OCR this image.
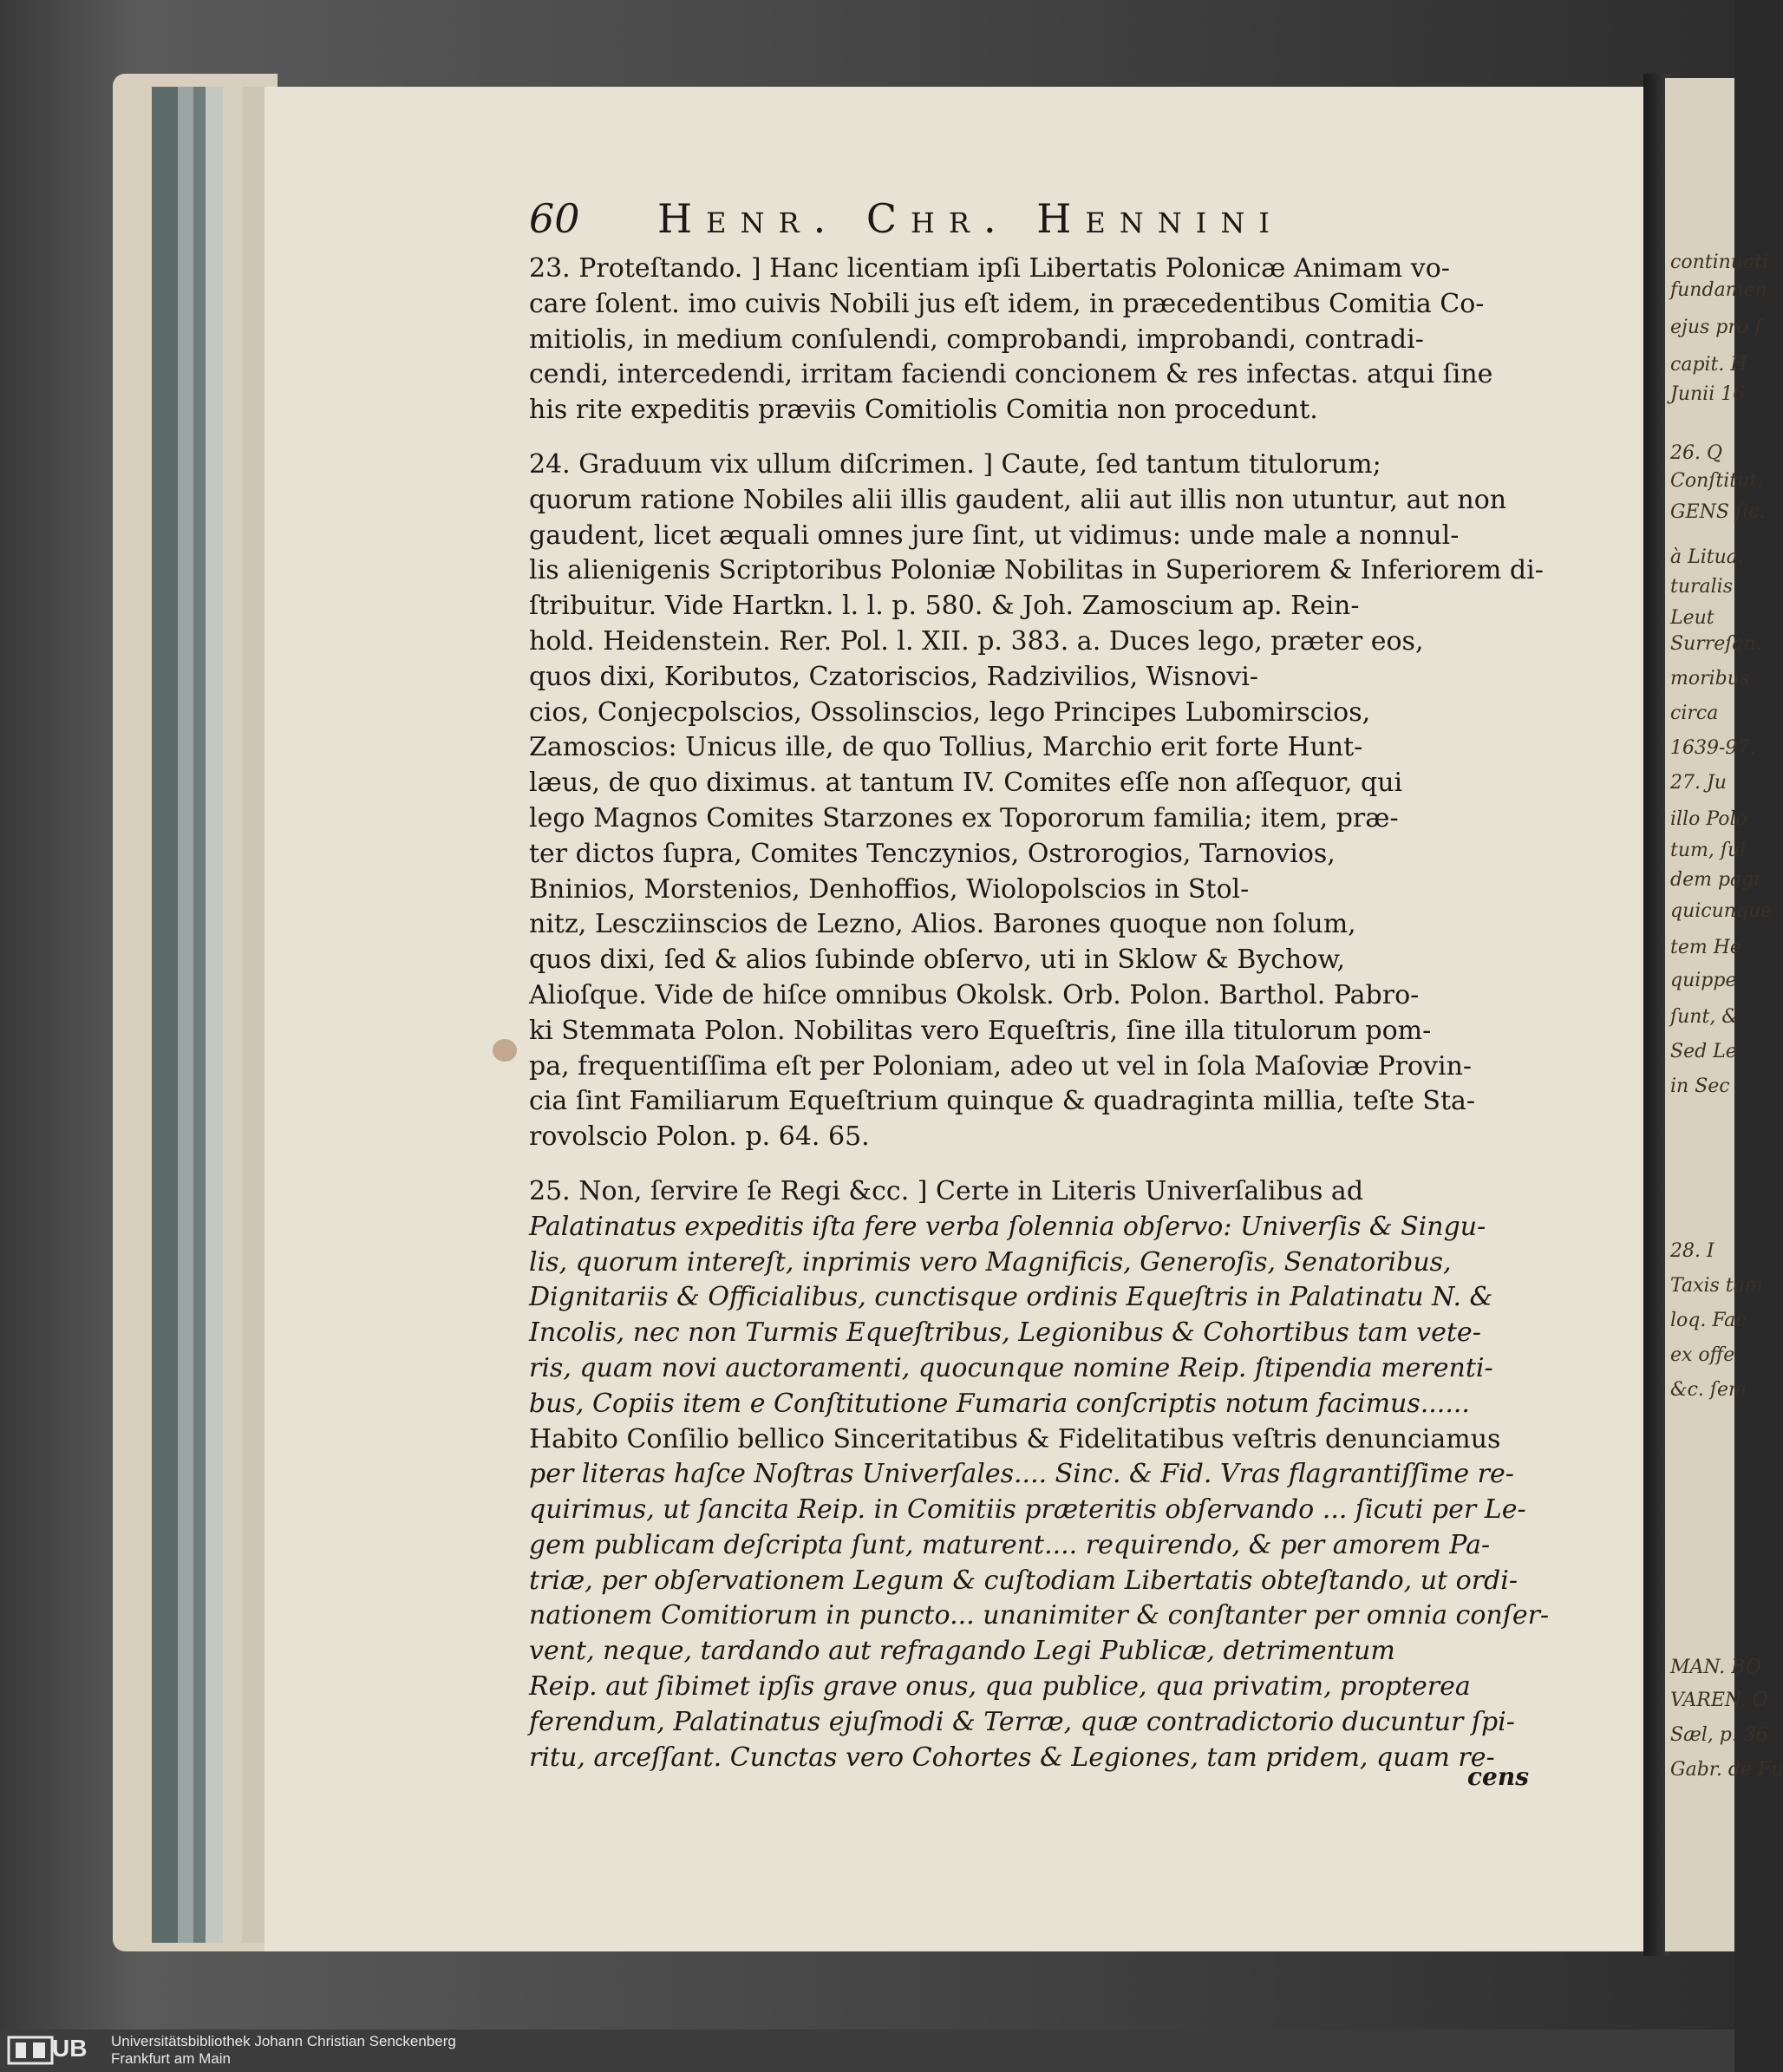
continuati
fundamen
ejus pro ſ
capit. H
Junii 16
26. Q
Conſtitut.
GENS ſic.
à Litua.
turalis
Leut
Surreſan.
moribus
circa
1639-97.
27. Ju
illo Polo
tum, ſul
dem pagi
quicunque
tem He
quippe
ſunt, &
Sed Le
in Sec
28. I
Taxis tam
loq. Fac
ex offe
&c. ſem
MAN. BO
VAREN. O
Sæl, p. 36
Gabr. de Fu
60 Henr. Chr. Hennini
23. Proteſtando. ] Hanc licentiam ipſi Libertatis Polonicæ Animam vo-
care ſolent. imo cuivis Nobili jus eſt idem, in præcedentibus Comitia Co-
mitiolis, in medium conſulendi, comprobandi, improbandi, contradi-
cendi, intercedendi, irritam faciendi concionem & res infectas. atqui ſine
his rite expeditis præviis Comitiolis Comitia non procedunt.
24. Graduum vix ullum diſcrimen. ] Caute, ſed tantum titulorum;
quorum ratione Nobiles alii illis gaudent, alii aut illis non utuntur, aut non
gaudent, licet æquali omnes jure ſint, ut vidimus: unde male a nonnul-
lis alienigenis Scriptoribus Poloniæ Nobilitas in Superiorem & Inferiorem di-
ſtribuitur. Vide Hartkn. l. l. p. 580. & Joh. Zamoscium ap. Rein-
hold. Heidenstein. Rer. Pol. l. XII. p. 383. a. Duces lego, præter eos,
quos dixi, Koributos, Czatoriscios, Radzivilios, Wisnovi-
cios, Conjecpolscios, Ossolinscios, lego Principes Lubomirscios,
Zamoscios: Unicus ille, de quo Tollius, Marchio erit forte Hunt-
læus, de quo diximus. at tantum IV. Comites eſſe non aſſequor, qui
lego Magnos Comites Starzones ex Topororum familia; item, præ-
ter dictos ſupra, Comites Tenczynios, Ostrorogios, Tarnovios,
Bninios, Morstenios, Denhoffios, Wiolopolscios in Stol-
nitz, Lescziinscios de Lezno, Alios. Barones quoque non ſolum,
quos dixi, ſed & alios ſubinde obſervo, uti in Sklow & Bychow,
Alioſque. Vide de hiſce omnibus Okolsk. Orb. Polon. Barthol. Pabro-
ki Stemmata Polon. Nobilitas vero Equeſtris, ſine illa titulorum pom-
pa, frequentiſſima eſt per Poloniam, adeo ut vel in ſola Maſoviæ Provin-
cia ſint Familiarum Equeſtrium quinque & quadraginta millia, teſte Sta-
rovolscio Polon. p. 64. 65.
25. Non, ſervire ſe Regi &cc. ] Certe in Literis Univerſalibus ad
Palatinatus expeditis iſta fere verba ſolennia obſervo: Univerſis & Singu-
lis, quorum intereſt, inprimis vero Magnificis, Generoſis, Senatoribus,
Dignitariis & Officialibus, cunctisque ordinis Equeſtris in Palatinatu N. &
Incolis, nec non Turmis Equeſtribus, Legionibus & Cohortibus tam vete-
ris, quam novi auctoramenti, quocunque nomine Reip. ſtipendia merenti-
bus, Copiis item e Conſtitutione Fumaria conſcriptis notum facimus......
Habito Conſilio bellico Sinceritatibus & Fidelitatibus veſtris denunciamus
per literas haſce Noſtras Univerſales.... Sinc. & Fid. Vras flagrantiſſime re-
quirimus, ut ſancita Reip. in Comitiis præteritis obſervando ... ſicuti per Le-
gem publicam deſcripta ſunt, maturent.... requirendo, & per amorem Pa-
triæ, per obſervationem Legum & cuſtodiam Libertatis obteſtando, ut ordi-
nationem Comitiorum in puncto... unanimiter & conſtanter per omnia conſer-
vent, neque, tardando aut refragando Legi Publicæ, detrimentum
Reip. aut ſibimet ipſis grave onus, qua publice, qua privatim, propterea
ferendum, Palatinatus ejuſmodi & Terræ, quæ contradictorio ducuntur ſpi-
ritu, arceſſant. Cunctas vero Cohortes & Legiones, tam pridem, quam re-
cens
UB Universitätsbibliothek Johann Christian Senckenberg
Frankfurt am Main
